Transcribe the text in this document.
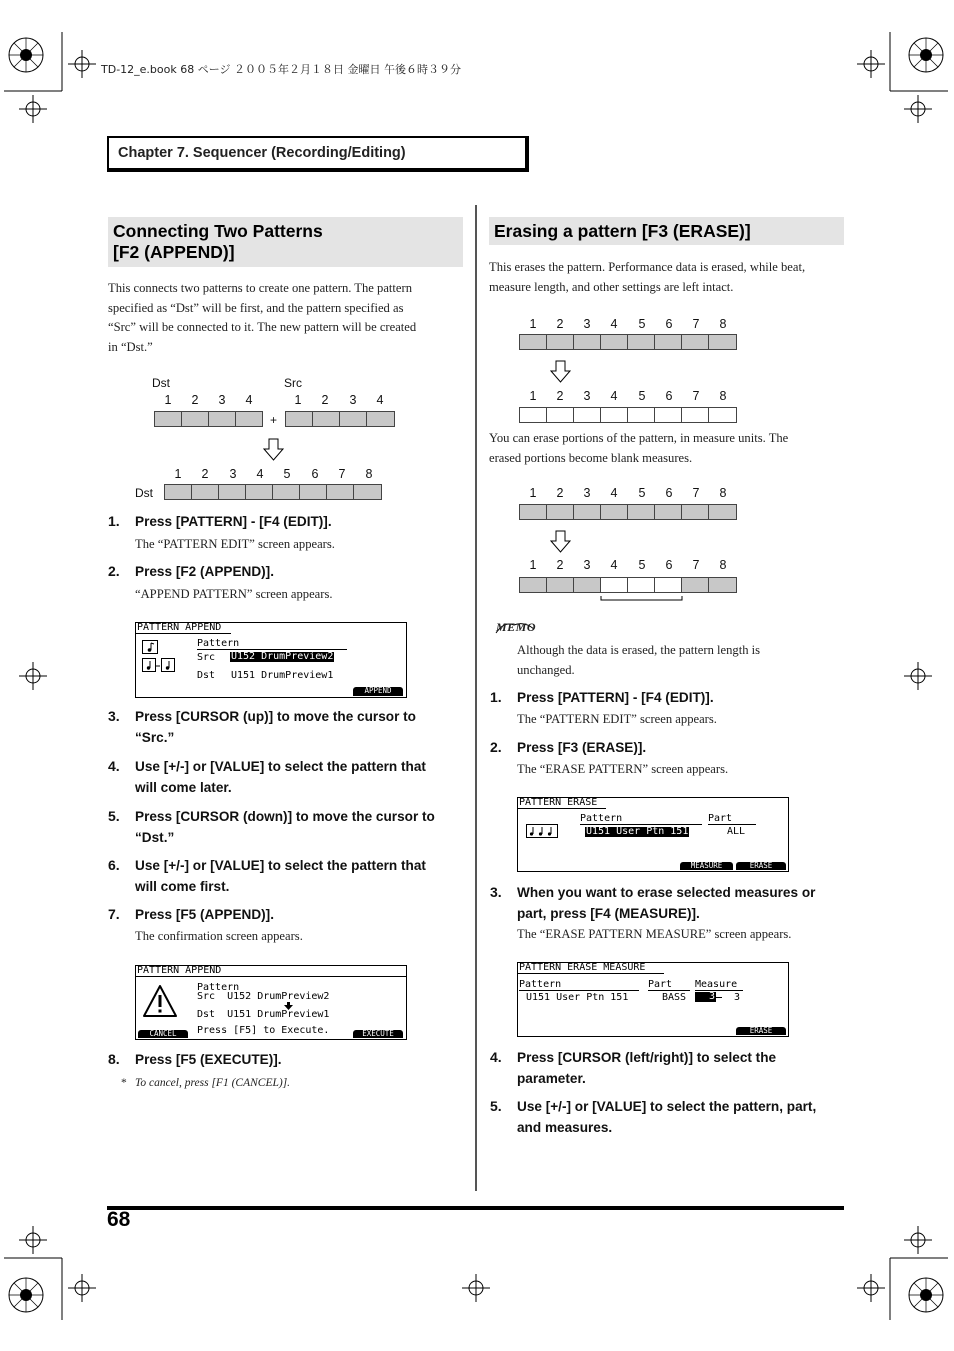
TD-12_e.book 68 ページ ２００５年２月１８日 金曜日 午後６時３９分
Chapter 7. Sequencer (Recording/Editing)
Connecting Two Patterns
[F2 (APPEND)]
This connects two patterns to create one pattern. The pattern
specified as “Dst” will be first, and the pattern specified as
“Src” will be connected to it. The new pattern will be created
in “Dst.”
Dst	Src
1 2 3 4	1 2 3 4
+
1 2 3 4 5 6 7 8
Dst
1. Press [PATTERN] - [F4 (EDIT)].
The “PATTERN EDIT” screen appears.
2. Press [F2 (APPEND)].
“APPEND PATTERN” screen appears.
PATTERN APPEND
Pattern
Src U152 DrumPreview2
Dst U151 DrumPreview1
APPEND
3. Press [CURSOR (up)] to move the cursor to
“Src.”
4. Use [+/-] or [VALUE] to select the pattern that
will come later.
5. Press [CURSOR (down)] to move the cursor to
“Dst.”
6. Use [+/-] or [VALUE] to select the pattern that
will come first.
7. Press [F5 (APPEND)].
The confirmation screen appears.
PATTERN APPEND
Pattern
Src  U152 DrumPreview2
Dst  U151 DrumPreview1
Press [F5] to Execute.
CANCEL	EXECUTE
8. Press [F5 (EXECUTE)].
* To cancel, press [F1 (CANCEL)].
Erasing a pattern [F3 (ERASE)]
This erases the pattern. Performance data is erased, while beat,
measure length, and other settings are left intact.
1 2 3 4 5 6 7 8
1 2 3 4 5 6 7 8
You can erase portions of the pattern, in measure units. The
erased portions become blank measures.
1 2 3 4 5 6 7 8
1 2 3 4 5 6 7 8
MEMO
Although the data is erased, the pattern length is
unchanged.
1. Press [PATTERN] - [F4 (EDIT)].
The “PATTERN EDIT” screen appears.
2. Press [F3 (ERASE)].
The “ERASE PATTERN” screen appears.
PATTERN ERASE
Pattern	Part
U151 User Ptn 151	ALL
MEASURE	ERASE
3. When you want to erase selected measures or
part, press [F4 (MEASURE)].
The “ERASE PATTERN MEASURE” screen appears.
PATTERN ERASE MEASURE
Pattern	Part Measure
U151 User Ptn 151	BASS	3 3
ERASE
4. Press [CURSOR (left/right)] to select the
parameter.
5. Use [+/-] or [VALUE] to select the pattern, part,
and measures.
68
